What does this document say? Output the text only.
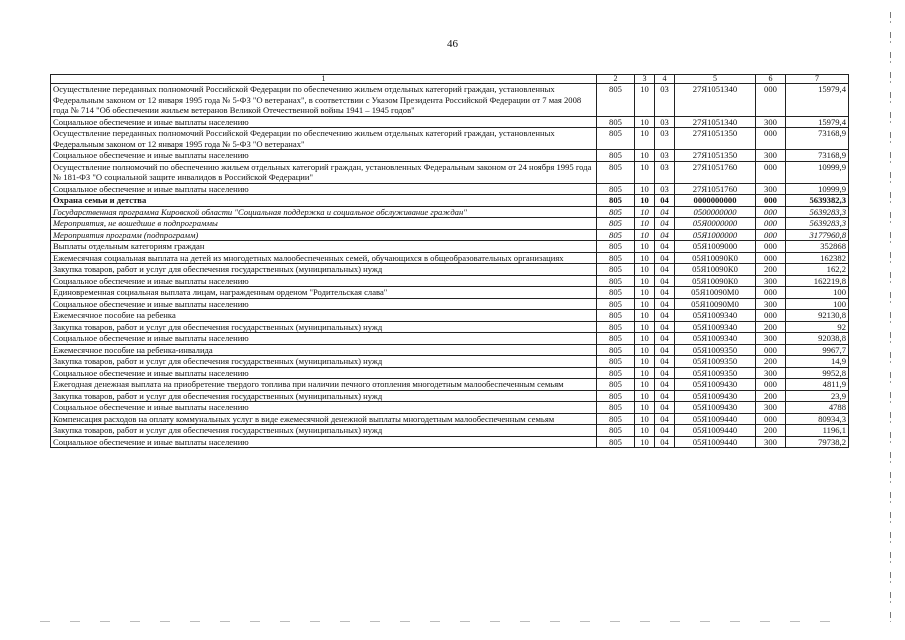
46
1	2	3	4	5	6	7
Осуществление переданных полномочий Российской Федерации по обеспечению жильем отдельных категорий граждан, установленных Федеральным законом от 12 января 1995 года № 5-ФЗ "О ветеранах", в соответствии с Указом Президента Российской Федерации от 7 мая 2008 года № 714 "Об обеспечении жильем ветеранов Великой Отечественной войны 1941 – 1945 годов"	805	10	03	27Я1051340	000	15979,4
Социальное обеспечение и иные выплаты населению	805	10	03	27Я1051340	300	15979,4
Осуществление переданных полномочий Российской Федерации по обеспечению жильем отдельных категорий граждан, установленных Федеральным законом от 12 января 1995 года № 5-ФЗ "О ветеранах"	805	10	03	27Я1051350	000	73168,9
Социальное обеспечение и иные выплаты населению	805	10	03	27Я1051350	300	73168,9
Осуществление полномочий по обеспечению жильем отдельных категорий граждан, установленных Федеральным законом от 24 ноября 1995 года № 181-ФЗ "О социальной защите инвалидов в Российской Федерации"	805	10	03	27Я1051760	000	10999,9
Социальное обеспечение и иные выплаты населению	805	10	03	27Я1051760	300	10999,9
Охрана семьи и детства	805	10	04	0000000000	000	5639382,3
Государственная программа Кировской области "Социальная поддержка и социальное обслуживание граждан"	805	10	04	0500000000	000	5639283,3
Мероприятия, не вошедшие в подпрограммы	805	10	04	05Я0000000	000	5639283,3
Мероприятия программ (подпрограмм)	805	10	04	05Я1000000	000	3177960,8
Выплаты отдельным категориям граждан	805	10	04	05Я1009000	000	352868
Ежемесячная социальная выплата на детей из многодетных малообеспеченных семей, обучающихся в общеобразовательных организациях	805	10	04	05Я10090К0	000	162382
Закупка товаров, работ и услуг для обеспечения государственных (муниципальных) нужд	805	10	04	05Я10090К0	200	162,2
Социальное обеспечение и иные выплаты населению	805	10	04	05Я10090К0	300	162219,8
Единовременная социальная выплата лицам, награжденным орденом "Родительская слава"	805	10	04	05Я10090М0	000	100
Социальное обеспечение и иные выплаты населению	805	10	04	05Я10090М0	300	100
Ежемесячное пособие на ребенка	805	10	04	05Я1009340	000	92130,8
Закупка товаров, работ и услуг для обеспечения государственных (муниципальных) нужд	805	10	04	05Я1009340	200	92
Социальное обеспечение и иные выплаты населению	805	10	04	05Я1009340	300	92038,8
Ежемесячное пособие на ребенка-инвалида	805	10	04	05Я1009350	000	9967,7
Закупка товаров, работ и услуг для обеспечения государственных (муниципальных) нужд	805	10	04	05Я1009350	200	14,9
Социальное обеспечение и иные выплаты населению	805	10	04	05Я1009350	300	9952,8
Ежегодная денежная выплата на приобретение твердого топлива при наличии печного отопления многодетным малообеспеченным семьям	805	10	04	05Я1009430	000	4811,9
Закупка товаров, работ и услуг для обеспечения государственных (муниципальных) нужд	805	10	04	05Я1009430	200	23,9
Социальное обеспечение и иные выплаты населению	805	10	04	05Я1009430	300	4788
Компенсация расходов на оплату коммунальных услуг в виде ежемесячной денежной выплаты многодетным малообеспеченным семьям	805	10	04	05Я1009440	000	80934,3
Закупка товаров, работ и услуг для обеспечения государственных (муниципальных) нужд	805	10	04	05Я1009440	200	1196,1
Социальное обеспечение и иные выплаты населению	805	10	04	05Я1009440	300	79738,2
